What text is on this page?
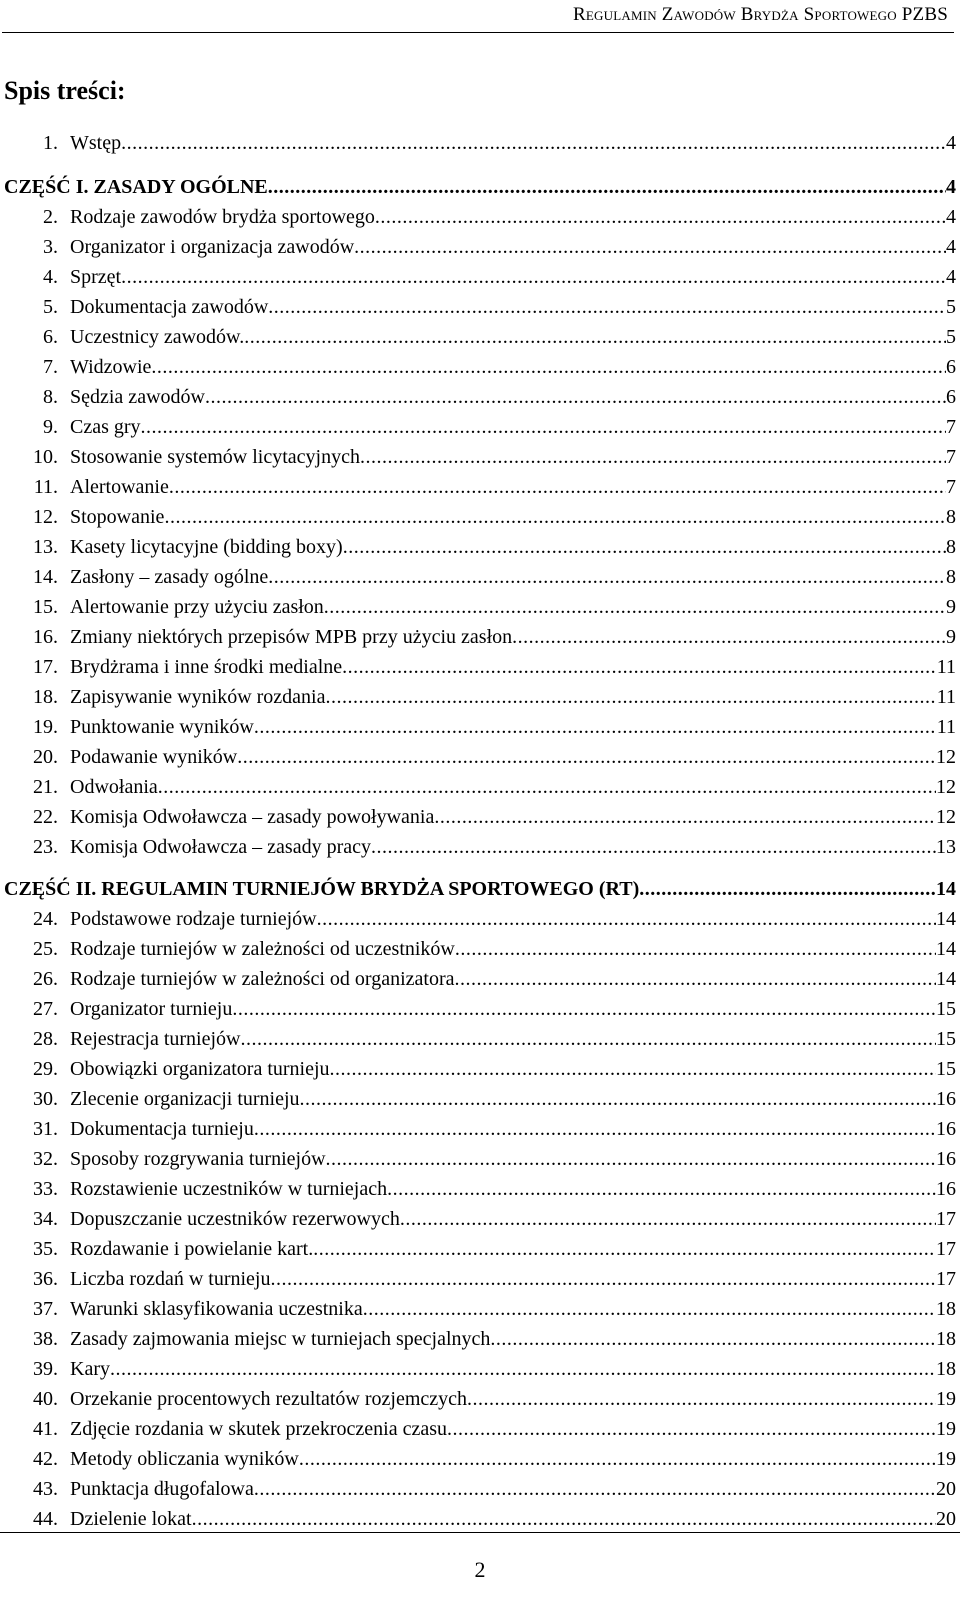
Regulamin Zawodów Brydża Sportowego PZBS
Spis treści:
1. Wstęp .....	4
CZĘŚĆ I. ZASADY OGÓLNE .....	4
2. Rodzaje zawodów brydża sportowego .....	4
3. Organizator i organizacja zawodów .....	4
4. Sprzęt .....	4
5. Dokumentacja zawodów .....	5
6. Uczestnicy zawodów. .....	5
7. Widzowie .....	6
8. Sędzia zawodów .....	6
9. Czas gry .....	7
10. Stosowanie systemów licytacyjnych .....	7
11. Alertowanie .....	7
12. Stopowanie .....	8
13. Kasety licytacyjne (bidding boxy) .....	8
14. Zasłony – zasady ogólne .....	8
15. Alertowanie przy użyciu zasłon .....	9
16. Zmiany niektórych przepisów MPB przy użyciu zasłon .....	9
17. Brydżrama i inne środki medialne .....	11
18. Zapisywanie wyników rozdania .....	11
19. Punktowanie wyników .....	11
20. Podawanie wyników .....	12
21. Odwołania .....	12
22. Komisja Odwoławcza – zasady powoływania .....	12
23. Komisja Odwoławcza – zasady pracy .....	13
CZĘŚĆ II. REGULAMIN TURNIEJÓW BRYDŻA SPORTOWEGO (RT) .....	14
24. Podstawowe rodzaje turniejów .....	14
25. Rodzaje turniejów w zależności od uczestników .....	14
26. Rodzaje turniejów w zależności od organizatora .....	14
27. Organizator turnieju .....	15
28. Rejestracja turniejów .....	15
29. Obowiązki organizatora turnieju .....	15
30. Zlecenie organizacji turnieju .....	16
31. Dokumentacja turnieju .....	16
32. Sposoby rozgrywania turniejów .....	16
33. Rozstawienie uczestników w turniejach .....	16
34. Dopuszczanie uczestników rezerwowych .....	17
35. Rozdawanie i powielanie kart. .....	17
36. Liczba rozdań w turnieju .....	17
37. Warunki sklasyfikowania uczestnika .....	18
38. Zasady zajmowania miejsc w turniejach specjalnych .....	18
39. Kary .....	18
40. Orzekanie procentowych rezultatów rozjemczych .....	19
41. Zdjęcie rozdania w skutek przekroczenia czasu .....	19
42. Metody obliczania wyników .....	19
43. Punktacja długofalowa .....	20
44. Dzielenie lokat .....	20
2
